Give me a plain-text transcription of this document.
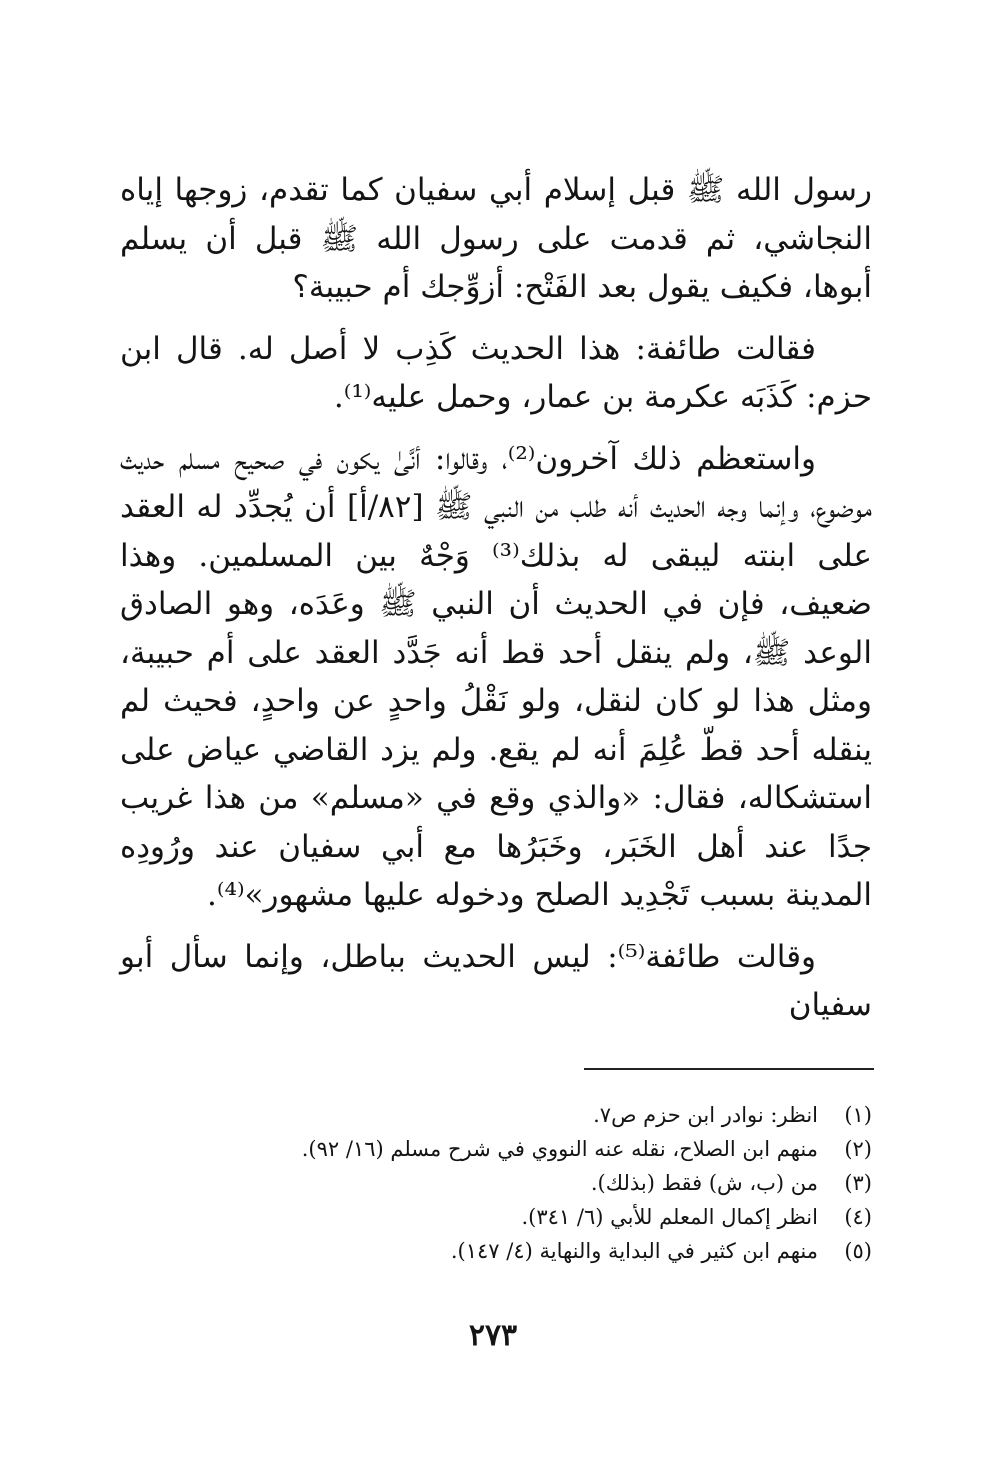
رسول الله ﷺ قبل إسلام أبي سفيان كما تقدم، زوجها إياه النجاشي، ثم قدمت على رسول الله ﷺ قبل أن يسلم أبوها، فكيف يقول بعد الفَتْح: أزوِّجك أم حبيبة؟

فقالت طائفة: هذا الحديث كَذِب لا أصل له. قال ابن حزم: كَذَبَه عكرمة بن عمار، وحمل عليه⁽¹⁾.

واستعظم ذلك آخرون⁽²⁾، وقالوا: أنَّىٰ يكون في صحيح مسلم حديث موضوع، وإنما وجه الحديث أنه طلب من النبي ﷺ [٨٢/أ] أن يُجدِّد له العقد على ابنته ليبقى له بذلك⁽³⁾ وَجْهٌ بين المسلمين. وهذا ضعيف، فإن في الحديث أن النبي ﷺ وعَدَه، وهو الصادق الوعد ﷺ، ولم ينقل أحد قط أنه جَدَّد العقد على أم حبيبة، ومثل هذا لو كان لنقل، ولو نَقْلُ واحدٍ عن واحدٍ، فحيث لم ينقله أحد قطّ عُلِمَ أنه لم يقع. ولم يزد القاضي عياض على استشكاله، فقال: «والذي وقع في «مسلم» من هذا غريب جدًا عند أهل الخَبَر، وخَبَرُها مع أبي سفيان عند ورُودِه المدينة بسبب تَجْدِيد الصلح ودخوله عليها مشهور»⁽⁴⁾.

وقالت طائفة⁽⁵⁾: ليس الحديث بباطل، وإنما سأل أبو سفيان

(١)
انظر: نوادر ابن حزم ص٧.
(٢)
منهم ابن الصلاح، نقله عنه النووي في شرح مسلم (١٦/ ٩٢).
(٣)
من (ب، ش) فقط (بذلك).
(٤)
انظر إكمال المعلم للأبي (٦/ ٣٤١).
(٥)
منهم ابن كثير في البداية والنهاية (٤/ ١٤٧).
٢٧٣
